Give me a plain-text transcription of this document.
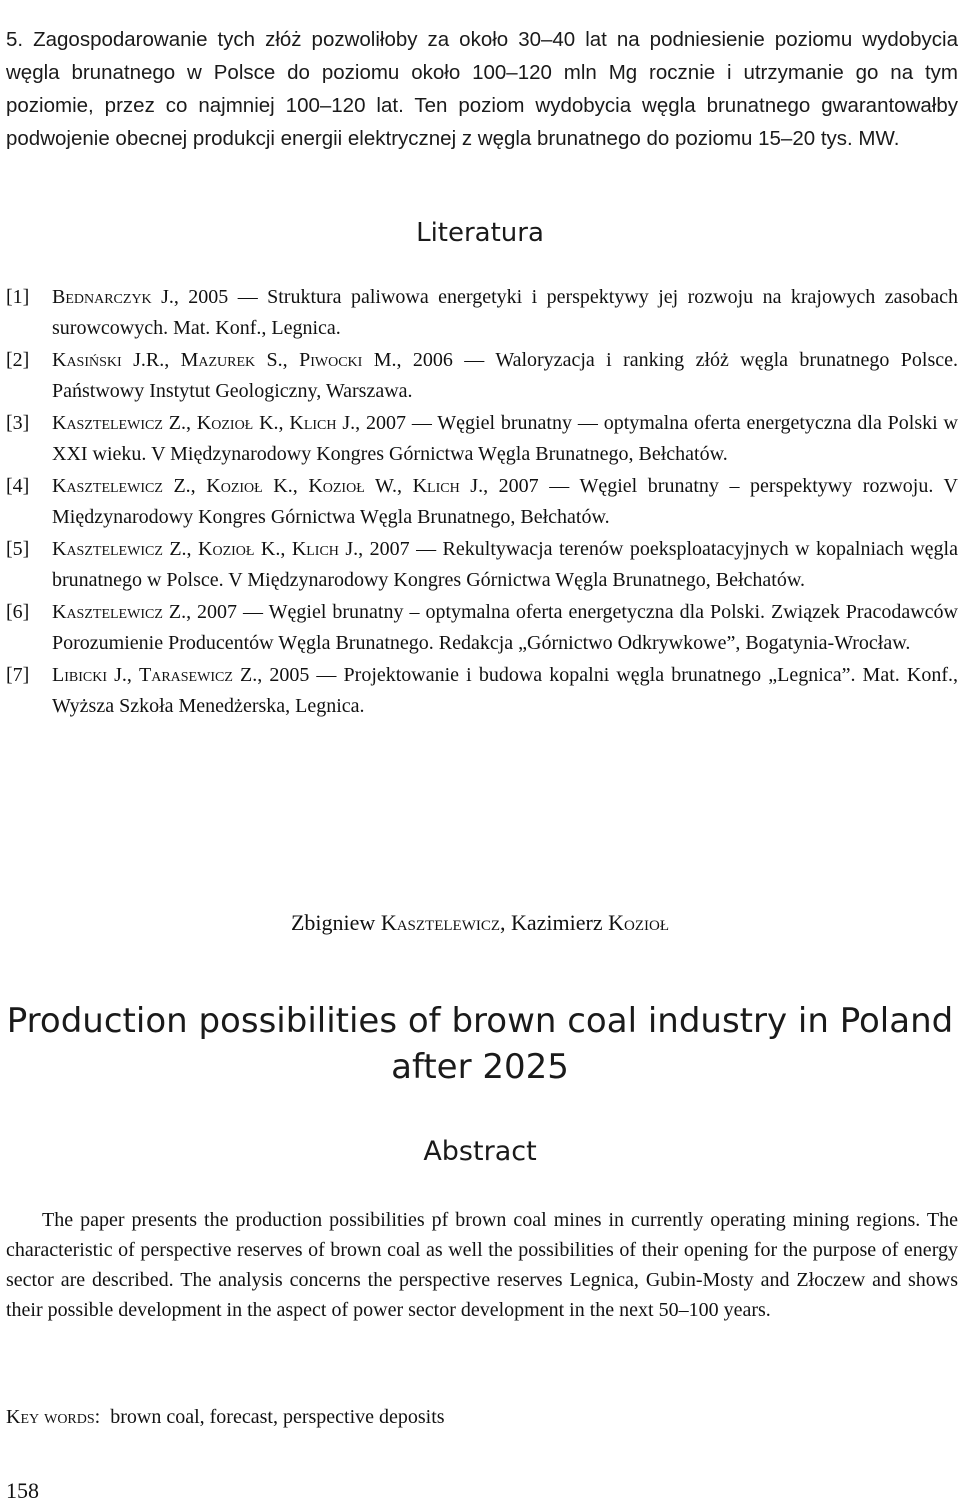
5. Zagospodarowanie tych złóż pozwoliłoby za około 30–40 lat na podniesienie poziomu wydobycia węgla brunatnego w Polsce do poziomu około 100–120 mln Mg rocznie i utrzymanie go na tym poziomie, przez co najmniej 100–120 lat. Ten poziom wydobycia węgla brunatnego gwarantowałby podwojenie obecnej produkcji energii elektrycznej z węgla brunatnego do poziomu 15–20 tys. MW.

Literatura
[1]	Bednarczyk J., 2005 — Struktura paliwowa energetyki i perspektywy jej rozwoju na krajowych zasobach surowcowych. Mat. Konf., Legnica.
[2]	Kasiński J.R., Mazurek S., Piwocki M., 2006 — Waloryzacja i ranking złóż węgla brunatnego Polsce. Państwowy Instytut Geologiczny, Warszawa.
[3]	Kasztelewicz Z., Kozioł K., Klich J., 2007 — Węgiel brunatny — optymalna oferta energetyczna dla Polski w XXI wieku. V Międzynarodowy Kongres Górnictwa Węgla Brunatnego, Bełchatów.
[4]	Kasztelewicz Z., Kozioł K., Kozioł W., Klich J., 2007 — Węgiel brunatny – perspektywy rozwoju. V Międzynarodowy Kongres Górnictwa Węgla Brunatnego, Bełchatów.
[5]	Kasztelewicz Z., Kozioł K., Klich J., 2007 — Rekultywacja terenów poeksploatacyjnych w kopalniach węgla brunatnego w Polsce. V Międzynarodowy Kongres Górnictwa Węgla Brunatnego, Bełchatów.
[6]	Kasztelewicz Z., 2007 — Węgiel brunatny – optymalna oferta energetyczna dla Polski. Związek Pracodawców Porozumienie Producentów Węgla Brunatnego. Redakcja „Górnictwo Odkrywkowe”, Bogatynia-Wrocław.
[7]	Libicki J., Tarasewicz Z., 2005 — Projektowanie i budowa kopalni węgla brunatnego „Legnica”. Mat. Konf., Wyższa Szkoła Menedżerska, Legnica.
Zbigniew Kasztelewicz, Kazimierz Kozioł
Production possibilities of brown coal industry in Poland after 2025
Abstract

The paper presents the production possibilities pf brown coal mines in currently operating mining regions. The characteristic of perspective reserves of brown coal as well the possibilities of their opening for the purpose of energy sector are described. The analysis concerns the perspective reserves Legnica, Gubin-Mosty and Złoczew and shows their possible development in the aspect of power sector development in the next 50–100 years.

Key words: brown coal, forecast, perspective deposits
158
